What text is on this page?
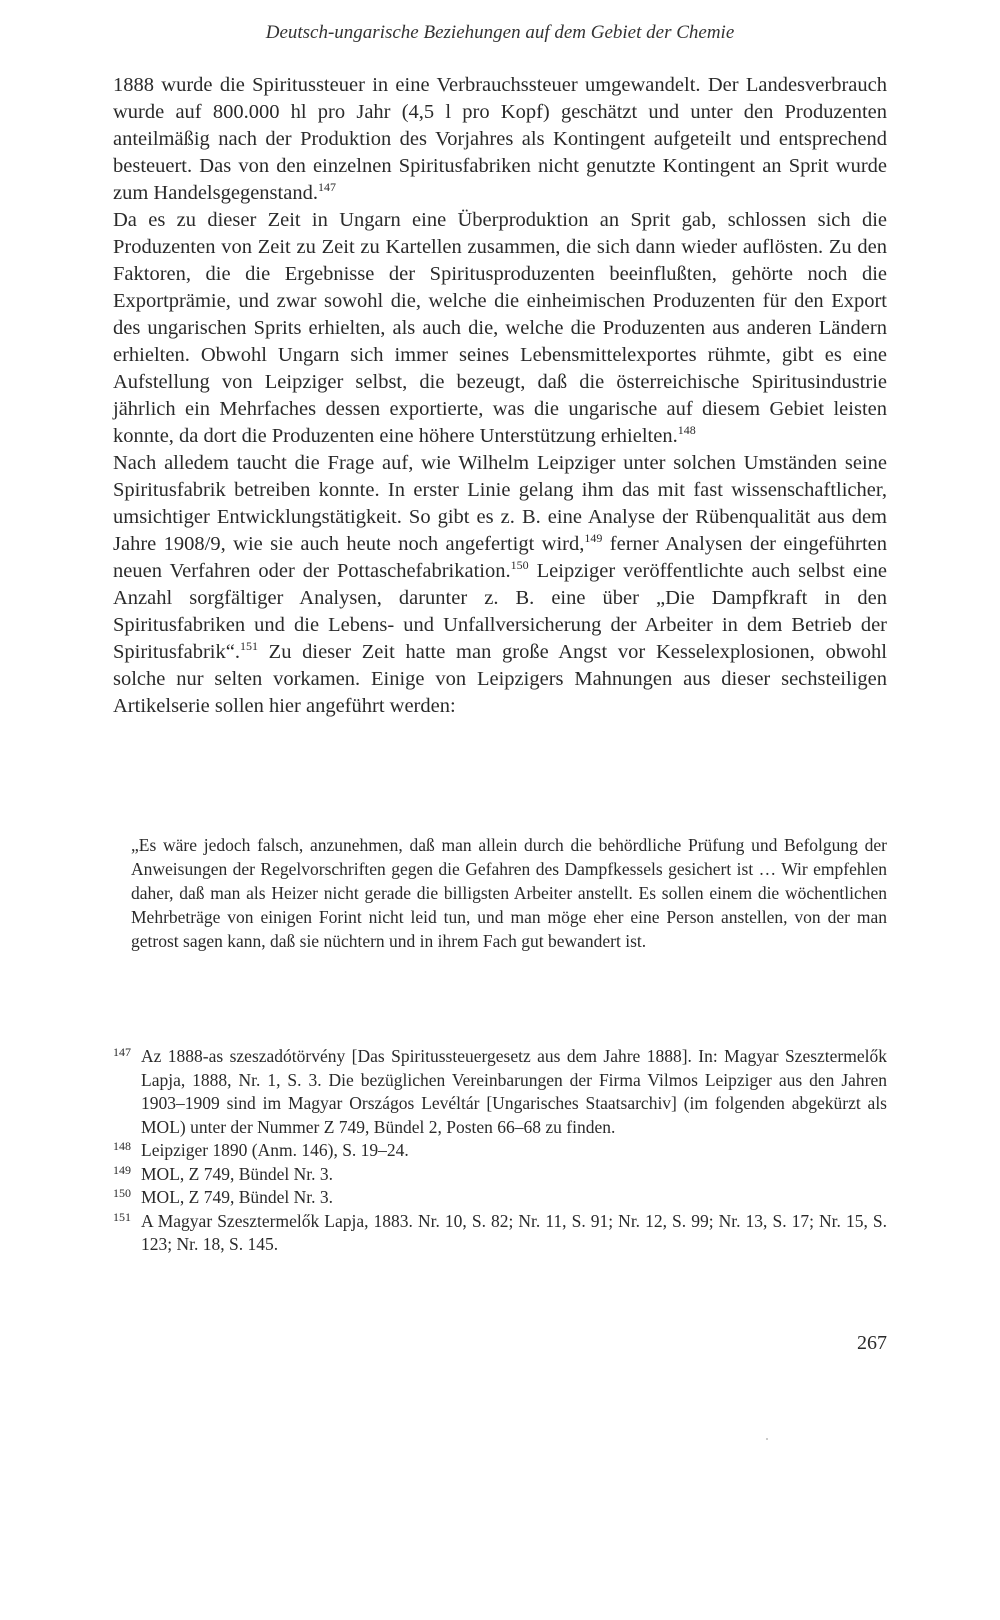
Deutsch-ungarische Beziehungen auf dem Gebiet der Chemie

1888 wurde die Spiritussteuer in eine Verbrauchssteuer umgewandelt. Der Landesverbrauch wurde auf 800.000 hl pro Jahr (4,5 l pro Kopf) geschätzt und unter den Produzenten anteilmäßig nach der Produktion des Vorjahres als Kontingent aufgeteilt und entsprechend besteuert. Das von den einzelnen Spiritusfabriken nicht genutzte Kontingent an Sprit wurde zum Handelsgegenstand.$^{147}$

Da es zu dieser Zeit in Ungarn eine Überproduktion an Sprit gab, schlossen sich die Produzenten von Zeit zu Zeit zu Kartellen zusammen, die sich dann wieder auflösten. Zu den Faktoren, die die Ergebnisse der Spiritusproduzenten beeinflußten, gehörte noch die Exportprämie, und zwar sowohl die, welche die einheimischen Produzenten für den Export des ungarischen Sprits erhielten, als auch die, welche die Produzenten aus anderen Ländern erhielten. Obwohl Ungarn sich immer seines Lebensmittelexportes rühmte, gibt es eine Aufstellung von Leipziger selbst, die bezeugt, daß die österreichische Spiritusindustrie jährlich ein Mehrfaches dessen exportierte, was die ungarische auf diesem Gebiet leisten konnte, da dort die Produzenten eine höhere Unterstützung erhielten.$^{148}$

Nach alledem taucht die Frage auf, wie Wilhelm Leipziger unter solchen Umständen seine Spiritusfabrik betreiben konnte. In erster Linie gelang ihm das mit fast wissenschaftlicher, umsichtiger Entwicklungstätigkeit. So gibt es z. B. eine Analyse der Rübenqualität aus dem Jahre 1908/9, wie sie auch heute noch angefertigt wird,$^{149}$ ferner Analysen der eingeführten neuen Verfahren oder der Pottaschefabrikation.$^{150}$ Leipziger veröffentlichte auch selbst eine Anzahl sorgfältiger Analysen, darunter z. B. eine über „Die Dampfkraft in den Spiritusfabriken und die Lebens- und Unfallversicherung der Arbeiter in dem Betrieb der Spiritusfabrik“.$^{151}$ Zu dieser Zeit hatte man große Angst vor Kesselexplosionen, obwohl solche nur selten vorkamen. Einige von Leipzigers Mahnungen aus dieser sechsteiligen Artikelserie sollen hier angeführt werden:

„Es wäre jedoch falsch, anzunehmen, daß man allein durch die behördliche Prüfung und Befolgung der Anweisungen der Regelvorschriften gegen die Gefahren des Dampfkessels gesichert ist … Wir empfehlen daher, daß man als Heizer nicht gerade die billigsten Arbeiter anstellt. Es sollen einem die wöchentlichen Mehrbeträge von einigen Forint nicht leid tun, und man möge eher eine Person anstellen, von der man getrost sagen kann, daß sie nüchtern und in ihrem Fach gut bewandert ist.
147 Az 1888-as szeszadótörvény [Das Spiritussteuergesetz aus dem Jahre 1888]. In: Magyar Szesztermelők Lapja, 1888, Nr. 1, S. 3. Die bezüglichen Vereinbarungen der Firma Vilmos Leipziger aus den Jahren 1903–1909 sind im Magyar Országos Levéltár [Ungarisches Staatsarchiv] (im folgenden abgekürzt als MOL) unter der Nummer Z 749, Bündel 2, Posten 66–68 zu finden.
148 Leipziger 1890 (Anm. 146), S. 19–24.
149 MOL, Z 749, Bündel Nr. 3.
150 MOL, Z 749, Bündel Nr. 3.
151 A Magyar Szesztermelők Lapja, 1883. Nr. 10, S. 82; Nr. 11, S. 91; Nr. 12, S. 99; Nr. 13, S. 17; Nr. 15, S. 123; Nr. 18, S. 145.
267
